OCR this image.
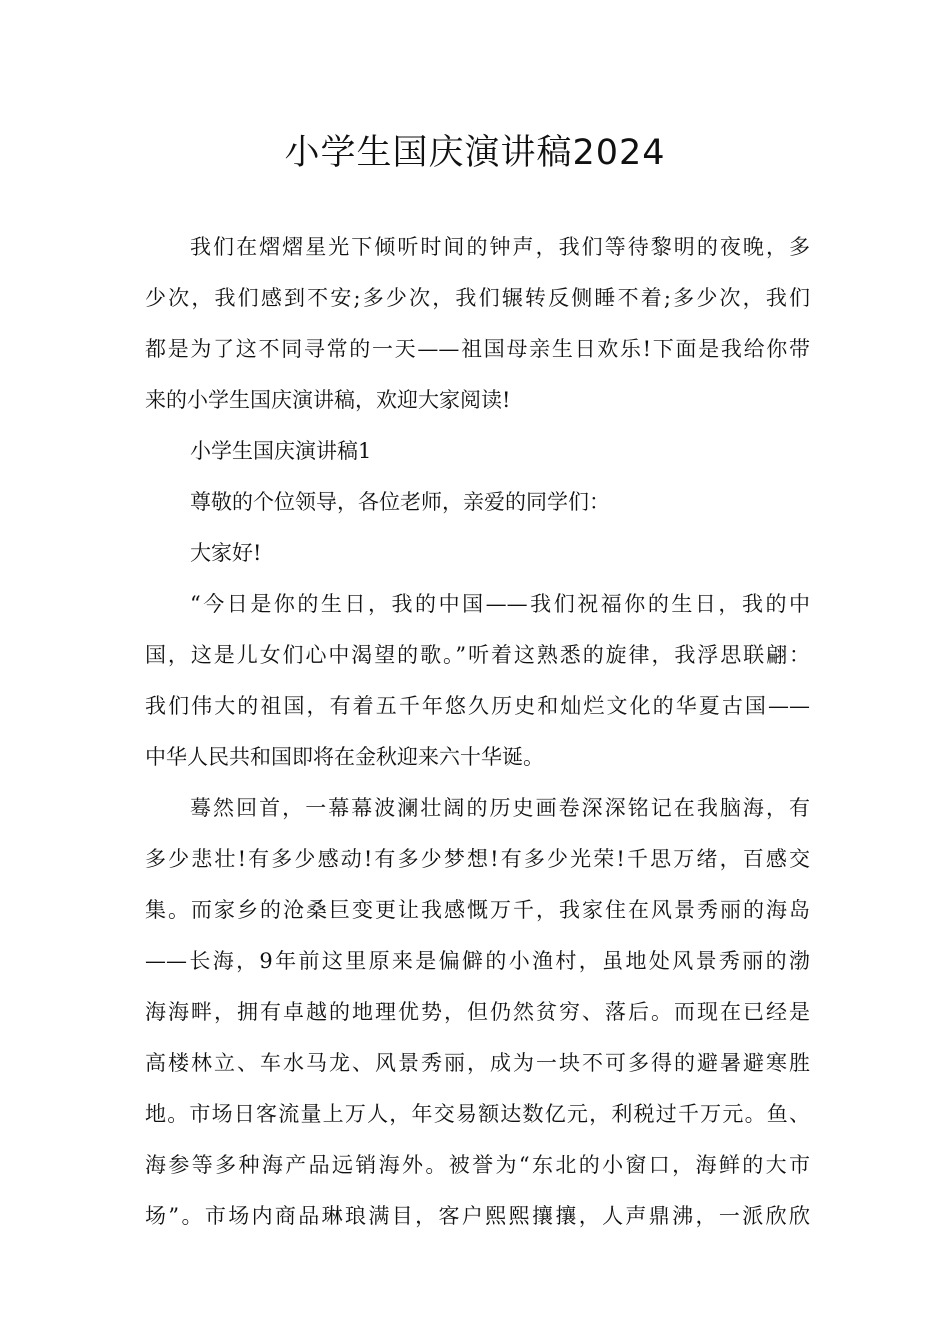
小学生国庆演讲稿2024
我们在熠熠星光下倾听时间的钟声，我们等待黎明的夜晚，多
少次，我们感到不安;多少次，我们辗转反侧睡不着;多少次，我们
都是为了这不同寻常的一天——祖国母亲生日欢乐!下面是我给你带
来的小学生国庆演讲稿，欢迎大家阅读!
小学生国庆演讲稿1
尊敬的个位领导，各位老师，亲爱的同学们：
大家好!
“今日是你的生日，我的中国——我们祝福你的生日，我的中
国，这是儿女们心中渴望的歌。”听着这熟悉的旋律，我浮思联翩：
我们伟大的祖国，有着五千年悠久历史和灿烂文化的华夏古国——
中华人民共和国即将在金秋迎来六十华诞。
蓦然回首，一幕幕波澜壮阔的历史画卷深深铭记在我脑海，有
多少悲壮!有多少感动!有多少梦想!有多少光荣!千思万绪，百感交
集。而家乡的沧桑巨变更让我感慨万千，我家住在风景秀丽的海岛
——长海，9年前这里原来是偏僻的小渔村，虽地处风景秀丽的渤
海海畔，拥有卓越的地理优势，但仍然贫穷、落后。而现在已经是
高楼林立、车水马龙、风景秀丽，成为一块不可多得的避暑避寒胜
地。市场日客流量上万人，年交易额达数亿元，利税过千万元。鱼、
海参等多种海产品远销海外。被誉为“东北的小窗口，海鲜的大市
场”。市场内商品琳琅满目，客户熙熙攘攘，人声鼎沸，一派欣欣
